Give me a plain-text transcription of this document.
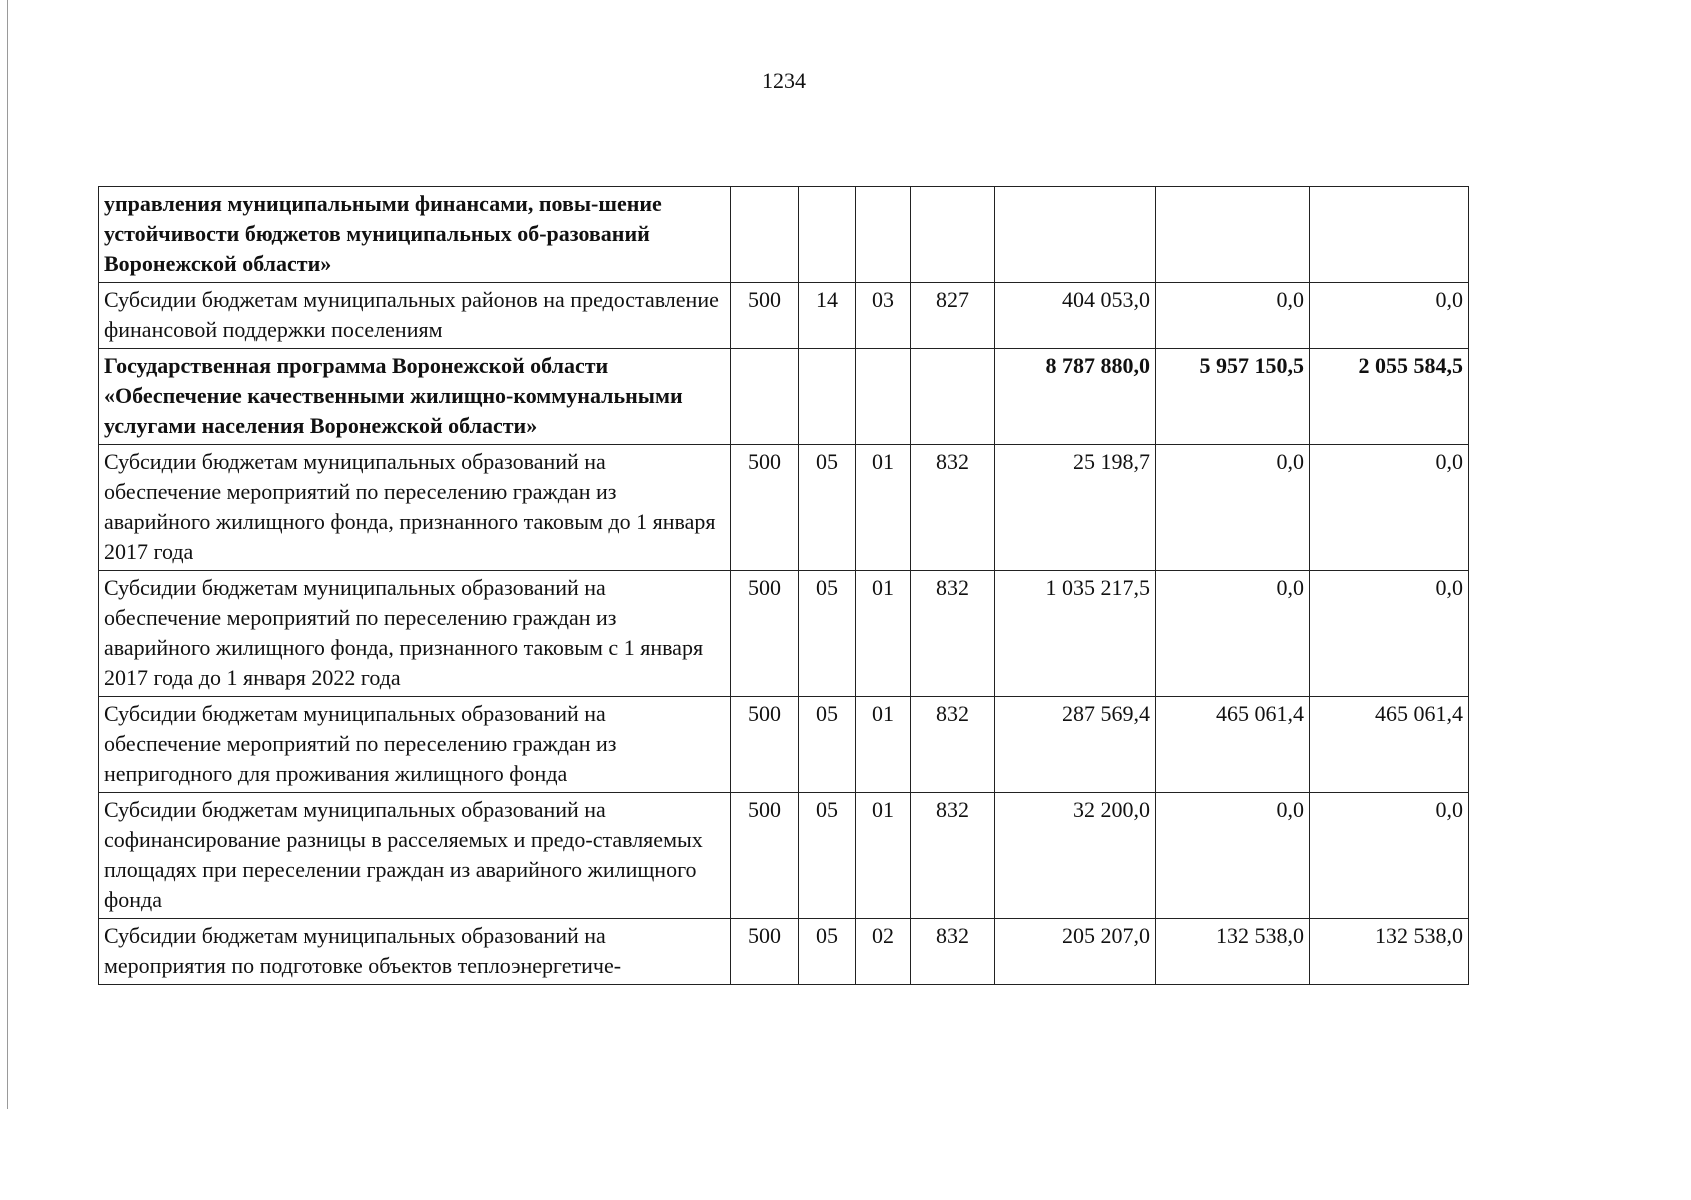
1234
управления муниципальными финансами, повы-шение устойчивости бюджетов муниципальных об-разований Воронежской области»							
Субсидии бюджетам муниципальных районов на предоставление финансовой поддержки поселениям	500	14	03	827	404 053,0	0,0	0,0
Государственная программа Воронежской области «Обеспечение качественными жилищно-коммунальными услугами населения Воронежской области»					8 787 880,0	5 957 150,5	2 055 584,5
Субсидии бюджетам муниципальных образований на обеспечение мероприятий по переселению граждан из аварийного жилищного фонда, признанного таковым до 1 января 2017 года	500	05	01	832	25 198,7	0,0	0,0
Субсидии бюджетам муниципальных образований на обеспечение мероприятий по переселению граждан из аварийного жилищного фонда, признанного таковым с 1 января 2017 года до 1 января 2022 года	500	05	01	832	1 035 217,5	0,0	0,0
Субсидии бюджетам муниципальных образований на обеспечение мероприятий по переселению граждан из непригодного для проживания жилищного фонда	500	05	01	832	287 569,4	465 061,4	465 061,4
Субсидии бюджетам муниципальных образований на софинансирование разницы в расселяемых и предо-ставляемых площадях при переселении граждан из аварийного жилищного фонда	500	05	01	832	32 200,0	0,0	0,0
Субсидии бюджетам муниципальных образований на мероприятия по подготовке объектов теплоэнергетиче-	500	05	02	832	205 207,0	132 538,0	132 538,0
